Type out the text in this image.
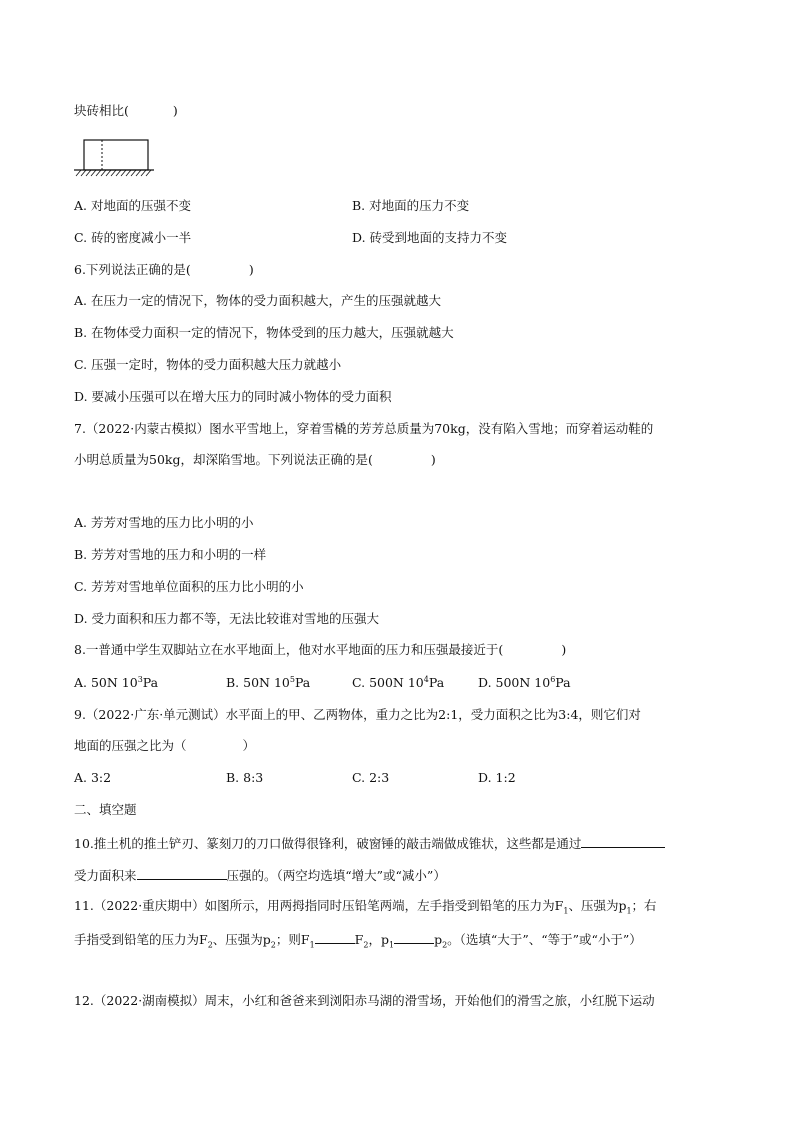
块砖相比(	)
A. 对地面的压强不变	B. 对地面的压力不变
C. 砖的密度减小一半	D. 砖受到地面的支持力不变
6.下列说法正确的是(	)
A. 在压力一定的情况下，物体的受力面积越大，产生的压强就越大
B. 在物体受力面积一定的情况下，物体受到的压力越大，压强就越大
C. 压强一定时，物体的受力面积越大压力就越小
D. 要减小压强可以在增大压力的同时减小物体的受力面积
7.（2022·内蒙古模拟）图水平雪地上，穿着雪橇的芳芳总质量为70kg，没有陷入雪地；而穿着运动鞋的
小明总质量为50kg，却深陷雪地。下列说法正确的是(	)
A. 芳芳对雪地的压力比小明的小
B. 芳芳对雪地的压力和小明的一样
C. 芳芳对雪地单位面积的压力比小明的小
D. 受力面积和压力都不等，无法比较谁对雪地的压强大
8.一普通中学生双脚站立在水平地面上，他对水平地面的压力和压强最接近于(	)
A. 50N $10^3Pa$	B. 50N $10^5Pa$	C. 500N $10^4Pa$	D. 500N $10^6Pa$
9.（2022·广东·单元测试）水平面上的甲、乙两物体，重力之比为2:1，受力面积之比为3:4，则它们对
地面的压强之比为（	）
A. 3:2	B. 8:3	C. 2:3	D. 1:2
二、填空题
10.推土机的推土铲刃、篆刻刀的刀口做得很锋利，破窗锤的敲击端做成锥状，这些都是通过
受力面积来	压强的。（两空均选填“增大”或“减小”）
11.（2022·重庆期中）如图所示，用两拇指同时压铅笔两端，左手指受到铅笔的压力为$F_1$、压强为$p_1$；右
手指受到铅笔的压力为$F_2$、压强为$p_2$；则$F_1$	$F_2$，$p_1$	$p_2$。（选填“大于”、“等于”或“小于”）
12.（2022·湖南模拟）周末，小红和爸爸来到浏阳赤马湖的滑雪场，开始他们的滑雪之旅，小红脱下运动
